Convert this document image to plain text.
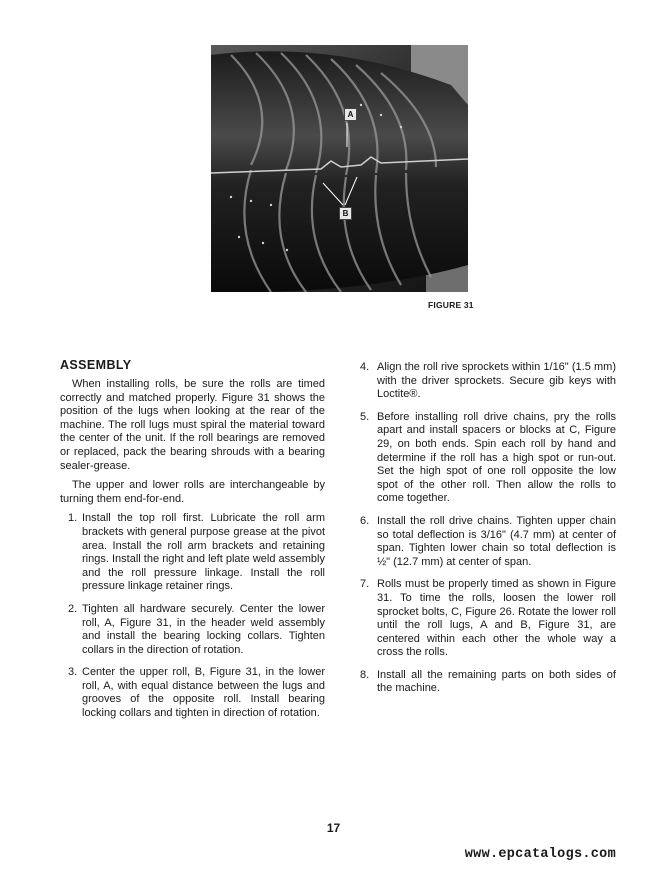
A
B
FIGURE 31
ASSEMBLY

When installing rolls, be sure the rolls are timed correctly and matched properly. Figure 31 shows the position of the lugs when looking at the rear of the machine. The roll lugs must spiral the material toward the center of the unit. If the roll bearings are removed or replaced, pack the bearing shrouds with a bearing sealer-grease.

The upper and lower rolls are interchangeable by turning them end-for-end.

1. Install the top roll first. Lubricate the roll arm brackets with general purpose grease at the pivot area. Install the roll arm brackets and retaining rings. Install the right and left plate weld assembly and the roll pressure linkage. Install the roll pressure linkage retainer rings.
2. Tighten all hardware securely. Center the lower roll, A, Figure 31, in the header weld assembly and install the bearing locking collars. Tighten collars in the direction of rotation.
3. Center the upper roll, B, Figure 31, in the lower roll, A, with equal distance between the lugs and grooves of the opposite roll. Install bearing locking collars and tighten in direction of rotation.
4. Align the roll rive sprockets within 1/16" (1.5 mm) with the driver sprockets. Secure gib keys with Loctite®.
5. Before installing roll drive chains, pry the rolls apart and install spacers or blocks at C, Figure 29, on both ends. Spin each roll by hand and determine if the roll has a high spot or run-out. Set the high spot of one roll opposite the low spot of the other roll. Then allow the rolls to come together.
6. Install the roll drive chains. Tighten upper chain so total deflection is 3/16" (4.7 mm) at center of span. Tighten lower chain so total deflection is ½" (12.7 mm) at center of span.
7. Rolls must be properly timed as shown in Figure 31. To time the rolls, loosen the lower roll sprocket bolts, C, Figure 26. Rotate the lower roll until the roll lugs, A and B, Figure 31, are centered within each other the whole way a cross the rolls.
8. Install all the remaining parts on both sides of the machine.
17
www.epcatalogs.com
